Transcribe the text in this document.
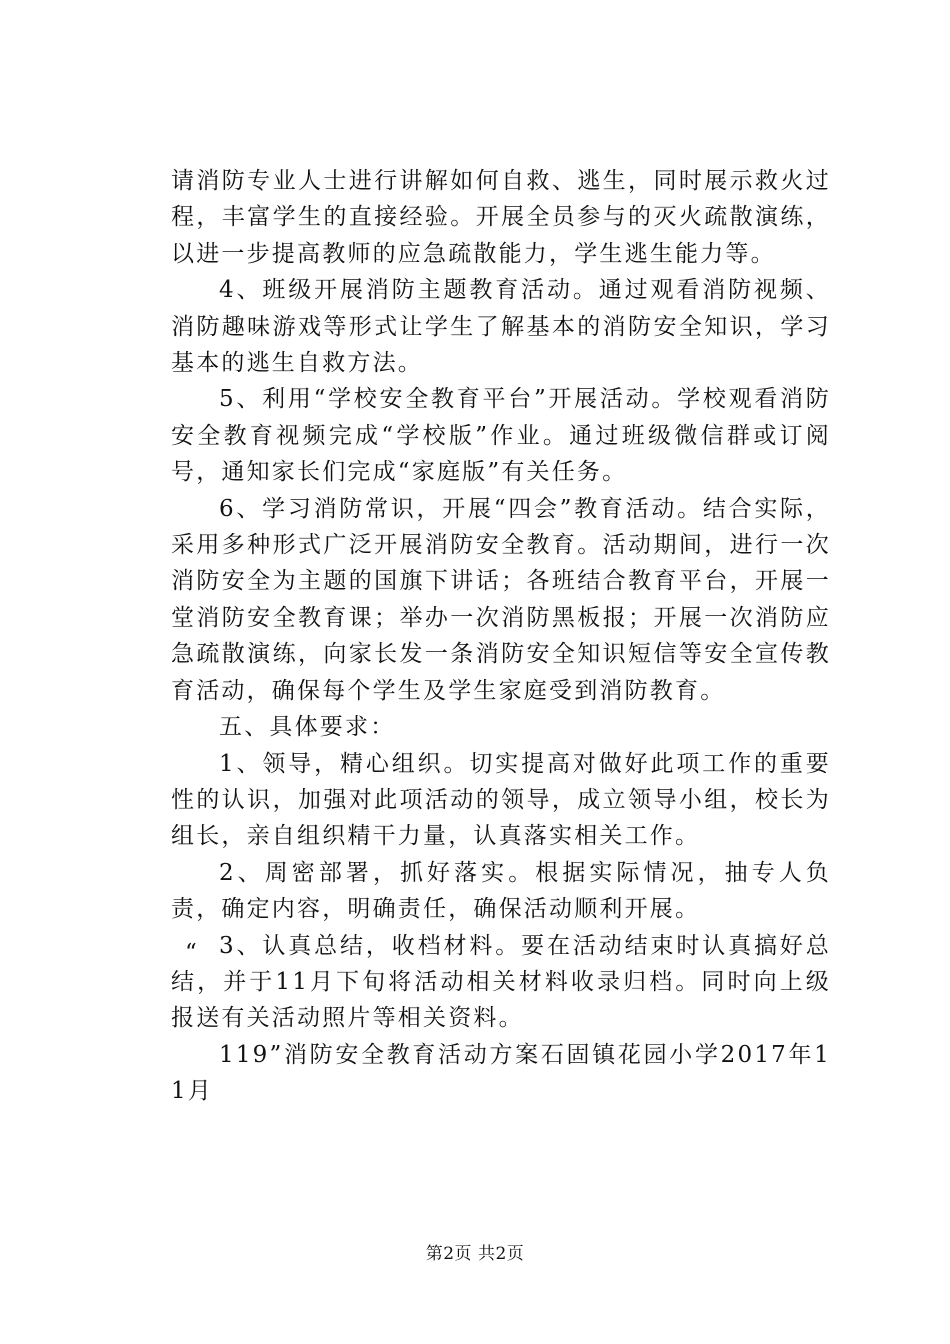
请消防专业人士进行讲解如何自救、逃生，同时展示救火过程，丰富学生的直接经验。开展全员参与的灭火疏散演练，以进一步提高教师的应急疏散能力，学生逃生能力等。

4、班级开展消防主题教育活动。通过观看消防视频、消防趣味游戏等形式让学生了解基本的消防安全知识，学习基本的逃生自救方法。

5、利用“学校安全教育平台”开展活动。学校观看消防安全教育视频完成“学校版”作业。通过班级微信群或订阅号，通知家长们完成“家庭版”有关任务。

6、学习消防常识，开展“四会”教育活动。结合实际，采用多种形式广泛开展消防安全教育。活动期间，进行一次消防安全为主题的国旗下讲话；各班结合教育平台，开展一堂消防安全教育课；举办一次消防黑板报；开展一次消防应急疏散演练，向家长发一条消防安全知识短信等安全宣传教育活动，确保每个学生及学生家庭受到消防教育。

五、具体要求：

1、领导，精心组织。切实提高对做好此项工作的重要性的认识，加强对此项活动的领导，成立领导小组，校长为组长，亲自组织精干力量，认真落实相关工作。

2、周密部署，抓好落实。根据实际情况，抽专人负责，确定内容，明确责任，确保活动顺利开展。

3、认真总结，收档材料。要在活动结束时认真搞好总结，并于11月下旬将活动相关材料收录归档。同时向上级报送有关活动照片等相关资料。

119”消防安全教育活动方案石固镇花园小学2017年11月

“
第2页 共2页
